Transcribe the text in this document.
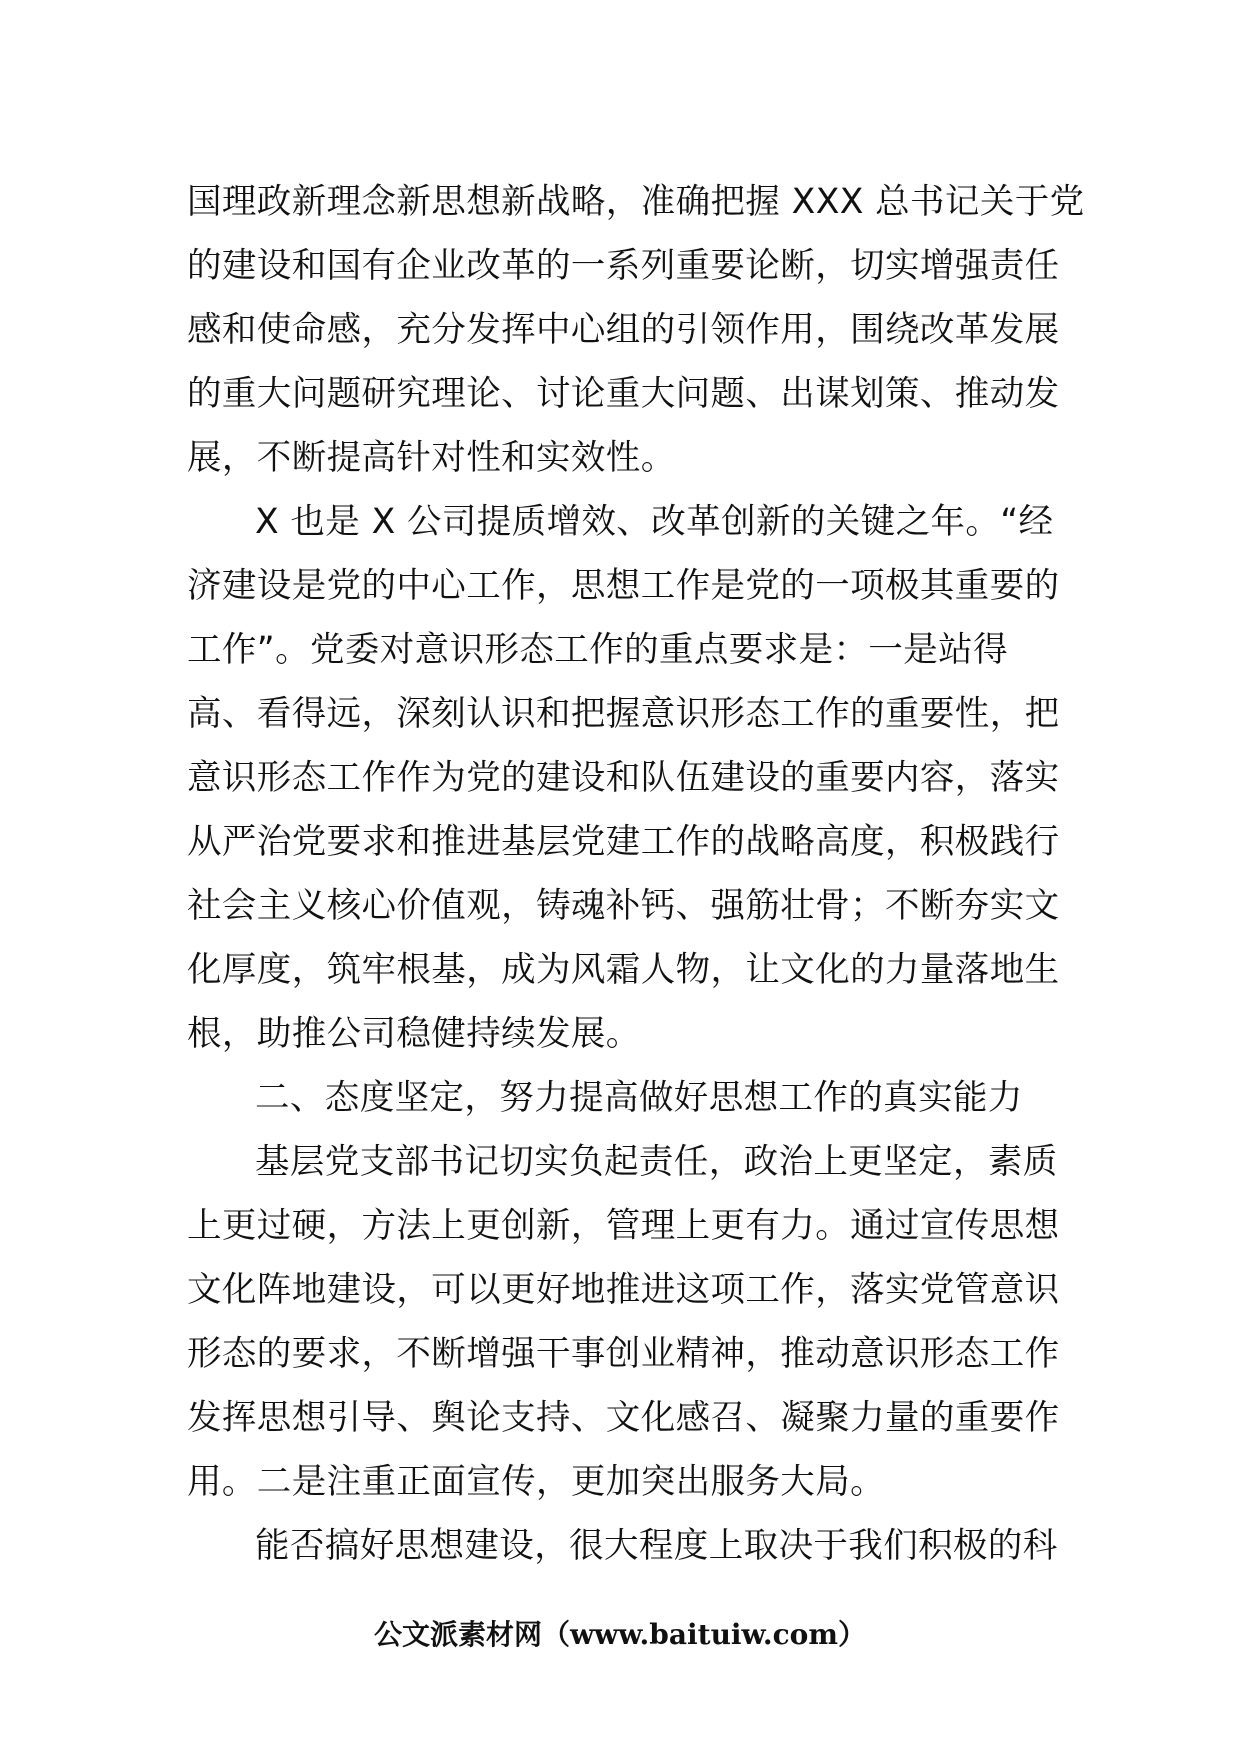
国理政新理念新思想新战略，准确把握 XXX 总书记关于党
的建设和国有企业改革的一系列重要论断，切实增强责任
感和使命感，充分发挥中心组的引领作用，围绕改革发展
的重大问题研究理论、讨论重大问题、出谋划策、推动发
展，不断提高针对性和实效性。
X 也是 X 公司提质增效、改革创新的关键之年。“经
济建设是党的中心工作，思想工作是党的一项极其重要的
工作”。党委对意识形态工作的重点要求是：一是站得
高、看得远，深刻认识和把握意识形态工作的重要性，把
意识形态工作作为党的建设和队伍建设的重要内容，落实
从严治党要求和推进基层党建工作的战略高度，积极践行
社会主义核心价值观，铸魂补钙、强筋壮骨；不断夯实文
化厚度，筑牢根基，成为风霜人物，让文化的力量落地生
根，助推公司稳健持续发展。
二、态度坚定，努力提高做好思想工作的真实能力
基层党支部书记切实负起责任，政治上更坚定，素质
上更过硬，方法上更创新，管理上更有力。通过宣传思想
文化阵地建设，可以更好地推进这项工作，落实党管意识
形态的要求，不断增强干事创业精神，推动意识形态工作
发挥思想引导、舆论支持、文化感召、凝聚力量的重要作
用。二是注重正面宣传，更加突出服务大局。
能否搞好思想建设，很大程度上取决于我们积极的科
公文派素材网（www.baituiw.com）
